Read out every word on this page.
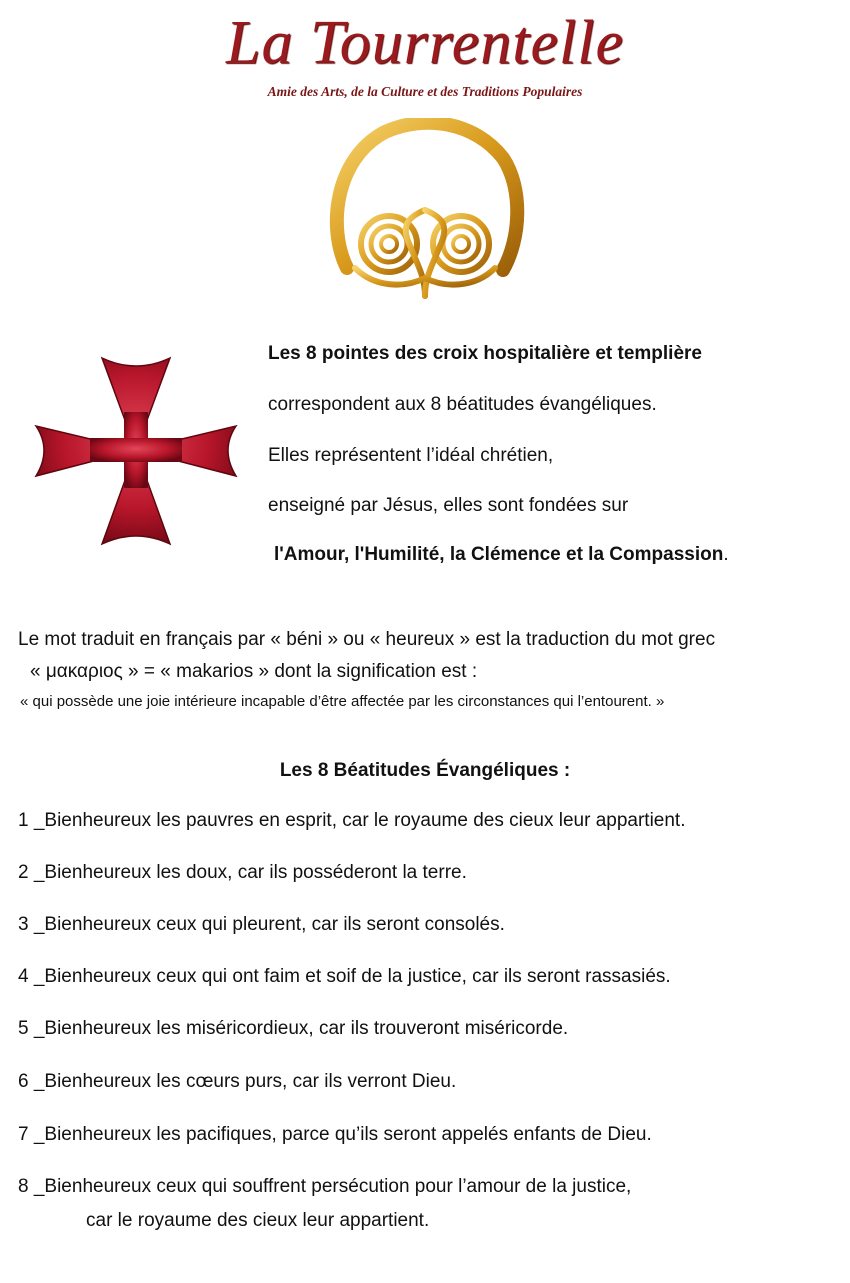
La Tourrentelle
Amie des Arts, de la Culture et des Traditions Populaires
Les 8 pointes des croix hospitalière et templière
correspondent aux 8 béatitudes évangéliques.
Elles représentent l’idéal chrétien,
enseigné par Jésus, elles sont fondées sur
l'Amour, l'Humilité, la Clémence et la Compassion.
Le mot traduit en français par « béni » ou « heureux » est la traduction du mot grec
« μακαριος » = « makarios » dont la signification est :
« qui possède une joie intérieure incapable d’être affectée par les circonstances qui l’entourent. »
Les 8 Béatitudes Évangéliques :
1 _Bienheureux les pauvres en esprit, car le royaume des cieux leur appartient.
2 _Bienheureux les doux, car ils posséderont la terre.
3 _Bienheureux ceux qui pleurent, car ils seront consolés.
4 _Bienheureux ceux qui ont faim et soif de la justice, car ils seront rassasiés.
5 _Bienheureux les miséricordieux, car ils trouveront miséricorde.
6 _Bienheureux les cœurs purs, car ils verront Dieu.
7 _Bienheureux les pacifiques, parce qu’ils seront appelés enfants de Dieu.
8 _Bienheureux ceux qui souffrent persécution pour l’amour de la justice,
car le royaume des cieux leur appartient.
